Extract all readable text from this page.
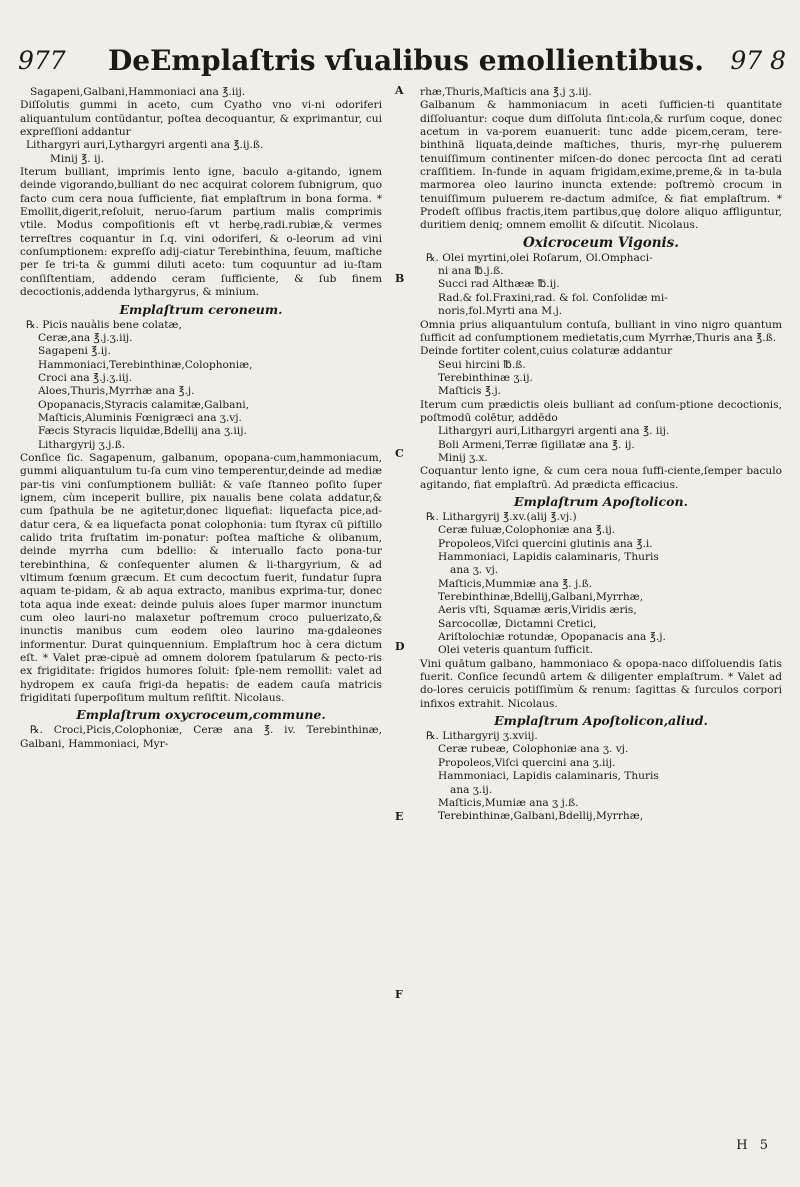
977	DeEmplaſtris vſualibus emollientibus.	97 8
A
B
C
D
E
F

Sagapeni,Galbani,Hammoniaci ana ℥.iij.

Diſſolutis gummi in aceto, cum Cyatho vno vi-ni odoriferi aliquantulum contūdantur, poſtea decoquantur, & exprimantur, cui expreſſioni addantur

Lithargyri auri,Lythargyri argenti ana ℥.ij.ß.

Minij ℥. ij.

Iterum bulliant, imprimis lento igne, baculo a-gitando, ignem deinde vigorando,bulliant do nec acquirat colorem ſubnigrum, quo facto cum cera noua ſufficiente, fiat emplaſtrum in bona forma. * Emollit,digerit,reſoluit, neruo-ſarum partium malis comprimis vtile. Modus compoſitionis eſt vt herbę,radi.rubiæ,& vermes terreſtres coquantur in ſ.q. vini odoriferi, & o-leorum ad vini conſumptionem: expreſſo adij-ciatur Terebinthina, ſeuum, maſtiche per ſe tri-ta & gummi diluti aceto: tum coquuntur ad iu-ſtam conſiſtentiam, addendo ceram ſufficiente, & ſub finem decoctionis,addenda lythargyrus, & minium.

Emplaſtrum ceroneum.

℞. Picis nauàlis bene colatæ,

Ceræ,ana ℥.j.ʒ.iij.

Sagapeni ℥.ij.

Hammoniaci,Terebinthinæ,Colophoniæ,

Croci ana ℥.j.ʒ.iij.

Aloes,Thuris,Myrrhæ ana ℥.j.

Opopanacis,Styracis calamitæ,Galbani,

Maſticis,Aluminis Fœnigræci ana ʒ.vj.

Fæcis Styracis liquidæ,Bdellij ana ʒ.iij.

Lithargyrij ʒ.j.ß.

Conſice ſic. Sagapenum, galbanum, opopana-cum,hammoniacum, gummi aliquantulum tu-ſa cum vino temperentur,deinde ad mediæ par-tis vini conſumptionem bulliāt: & vaſe ſtanneo poſito ſuper ignem, cùm inceperit bullire, pix naualis bene colata addatur,& cum ſpathula be ne agitetur,donec liquefiat: liquefacta pice,ad-datur cera, & ea liquefacta ponat colophonia: tum ſtyrax cū piſtillo calido trita fruſtatim im-ponatur: poſtea maſtiche & olibanum, deinde myrrha cum bdellio: & interuallo facto pona-tur terebinthina, & conſequenter alumen & li-thargyrium, & ad vltimum fœnum græcum. Et cum decoctum fuerit, fundatur ſupra aquam te-pidam, & ab aqua extracto, manibus exprima-tur, donec tota aqua inde exeat: deinde puluis aloes ſuper marmor inunctum cum oleo lauri-no malaxetur poſtremum croco puluerizato,& inunctis manibus cum eodem oleo laurino ma-gdaleones informentur. Durat quinquennium. Emplaſtrum hoc à cera dictum eſt. * Valet præ-cipuè ad omnem dolorem ſpatularum & pecto-ris ex frigiditate: frigidos humores ſoluit: ſple-nem remollit: valet ad hydropem ex cauſa frigi-da hepatis: de eadem cauſa matricis frigiditati ſuperpoſitum multum reſiſtit. Nicolaus.

Emplaſtrum oxycroceum,commune.

℞. Croci,Picis,Colophoniæ, Ceræ ana ℥. iv. Terebinthinæ, Galbani, Hammoniaci, Myr-

rhæ,Thuris,Maſticis ana ℥.j ʒ.iij.

Galbanum & hammoniacum in aceti ſufficien-ti quantitate diſſoluantur: coque dum diſſoluta ſint:cola,& rurſum coque, donec acetum in va-porem euanuerit: tunc adde picem,ceram, tere-binthinā liquata,deinde maſtiches, thuris, myr-rhę puluerem tenuiſſimum continenter miſcen-do donec percocta ſint ad cerati craſſitiem. In-funde in aquam frigidam,exime,preme,& in ta-bula marmorea oleo laurino inuncta extende: poſtremò crocum in tenuiſſimum puluerem re-dactum admiſce, & fiat emplaſtrum. * Prodeſt oſſibus fractis,item partibus,quę dolore aliquo affliguntur, duritiem deniq; omnem emollit & diſcutit. Nicolaus.

Oxicroceum Vigonis.

℞. Olei myrtini,olei Roſarum, Ol.Omphaci-

ni ana ℔.j.ß.

Succi rad Althææ ℔.ij.

Rad.& fol.Fraxini,rad. & fol. Conſolidæ mi-

noris,fol.Myrti ana M.j.

Omnia prius aliquantulum contuſa, bulliant in vino nigro quantum ſufficit ad conſumptionem medietatis,cum Myrrhæ,Thuris ana ℥.ß.

Deinde fortiter colent,cuius colaturæ addantur

Seui hircini ℔.ß.

Terebinthinæ ʒ.ij.

Maſticis ℥.j.

Iterum cum prædictis oleis bulliant ad conſum-ptione decoctionis, poſtmodū colētur, addēdo

Lithargyri auri,Lithargyri argenti ana ℥. iij.

Boli Armeni,Terræ ſigillatæ ana ℥. ij.

Minij ʒ.x.

Coquantur lento igne, & cum cera noua ſuffi-ciente,ſemper baculo agitando, fiat emplaſtrū. Ad prædicta efficacius.

Emplaſtrum Apoſtolicon.

℞. Lithargyrij ℥.xv.(alij ℥.vj.)

Ceræ fuluæ,Colophoniæ ana ℥.ij.

Propoleos,Viſci quercini glutinis ana ℥.i.

Hammoniaci, Lapidis calaminaris, Thuris

ana ʒ. vj.

Maſticis,Mummiæ ana ℥. j.ß.

Terebinthinæ,Bdellij,Galbani,Myrrhæ,

Aeris vſti, Squamæ æris,Viridis æris,

Sarcocollæ, Dictamni Cretici,

Ariſtolochiæ rotundæ, Opopanacis ana ℥.j.

Olei veteris quantum ſufficit.

Vini quātum galbano, hammoniaco & opopa-naco diſſoluendis ſatis fuerit. Conſice ſecundū artem & diligenter emplaſtrum. * Valet ad do-lores ceruicis potiſſimùm & renum: ſagittas & ſurculos corpori infixos extrahit. Nicolaus.

Emplaſtrum Apoſtolicon,aliud.

℞. Lithargyrij ʒ.xviij.

Ceræ rubeæ, Colophoniæ ana ʒ. vj.

Propoleos,Viſci quercini ana ʒ.iij.

Hammoniaci, Lapidis calaminaris, Thuris

ana ʒ.ij.

Maſticis,Mumiæ ana ʒ j.ß.

Terebinthinæ,Galbani,Bdellij,Myrrhæ,

H 5
